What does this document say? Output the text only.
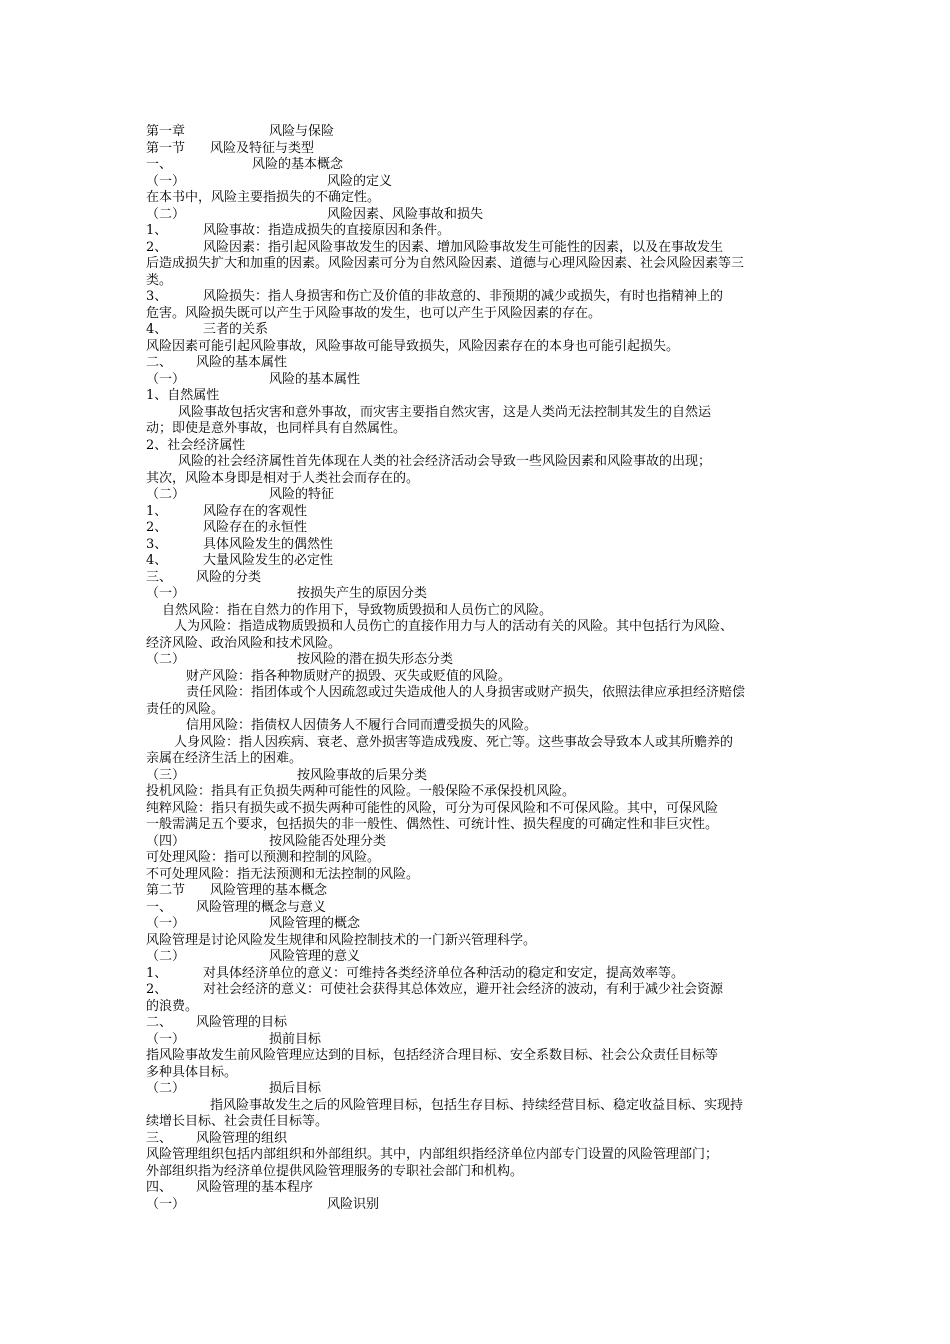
第一章	风险与保险
第一节 风险及特征与类型
一、	风险的基本概念
（一）	风险的定义
在本书中，风险主要指损失的不确定性。
（二）	风险因素、风险事故和损失
1、	风险事故：指造成损失的直接原因和条件。
2、	风险因素：指引起风险事故发生的因素、增加风险事故发生可能性的因素，以及在事故发生
后造成损失扩大和加重的因素。风险因素可分为自然风险因素、道德与心理风险因素、社会风险因素等三
类。
3、	风险损失：指人身损害和伤亡及价值的非故意的、非预期的减少或损失，有时也指精神上的
危害。风险损失既可以产生于风险事故的发生，也可以产生于风险因素的存在。
4、	三者的关系
风险因素可能引起风险事故，风险事故可能导致损失，风险因素存在的本身也可能引起损失。
二、 风险的基本属性
（一）	风险的基本属性
1、自然属性
风险事故包括灾害和意外事故，而灾害主要指自然灾害，这是人类尚无法控制其发生的自然运
动；即使是意外事故，也同样具有自然属性。
2、社会经济属性
风险的社会经济属性首先体现在人类的社会经济活动会导致一些风险因素和风险事故的出现；
其次，风险本身即是相对于人类社会而存在的。
（二）	风险的特征
1、	风险存在的客观性
2、	风险存在的永恒性
3、	具体风险发生的偶然性
4、	大量风险发生的必定性
三、 风险的分类
（一）	按损失产生的原因分类
自然风险：指在自然力的作用下，导致物质毁损和人员伤亡的风险。
人为风险：指造成物质毁损和人员伤亡的直接作用力与人的活动有关的风险。其中包括行为风险、
经济风险、政治风险和技术风险。
（二）	按风险的潜在损失形态分类
财产风险：指各种物质财产的损毁、灭失或贬值的风险。
责任风险：指团体或个人因疏忽或过失造成他人的人身损害或财产损失，依照法律应承担经济赔偿
责任的风险。
信用风险：指债权人因债务人不履行合同而遭受损失的风险。
人身风险：指人因疾病、衰老、意外损害等造成残废、死亡等。这些事故会导致本人或其所赡养的
亲属在经济生活上的困难。
（三）	按风险事故的后果分类
投机风险：指具有正负损失两种可能性的风险。一般保险不承保投机风险。
纯粹风险：指只有损失或不损失两种可能性的风险，可分为可保风险和不可保风险。其中，可保风险
一般需满足五个要求，包括损失的非一般性、偶然性、可统计性、损失程度的可确定性和非巨灾性。
（四）	按风险能否处理分类
可处理风险：指可以预测和控制的风险。
不可处理风险：指无法预测和无法控制的风险。
第二节 风险管理的基本概念
一、 风险管理的概念与意义
（一）	风险管理的概念
风险管理是讨论风险发生规律和风险控制技术的一门新兴管理科学。
（二）	风险管理的意义
1、	对具体经济单位的意义：可维持各类经济单位各种活动的稳定和安定，提高效率等。
2、	对社会经济的意义：可使社会获得其总体效应，避开社会经济的波动，有利于减少社会资源
的浪费。
二、 风险管理的目标
（一）	损前目标
指风险事故发生前风险管理应达到的目标，包括经济合理目标、安全系数目标、社会公众责任目标等
多种具体目标。
（二）	损后目标
指风险事故发生之后的风险管理目标，包括生存目标、持续经营目标、稳定收益目标、实现持
续增长目标、社会责任目标等。
三、 风险管理的组织
风险管理组织包括内部组织和外部组织。其中，内部组织指经济单位内部专门设置的风险管理部门；
外部组织指为经济单位提供风险管理服务的专职社会部门和机构。
四、 风险管理的基本程序
（一）	风险识别
